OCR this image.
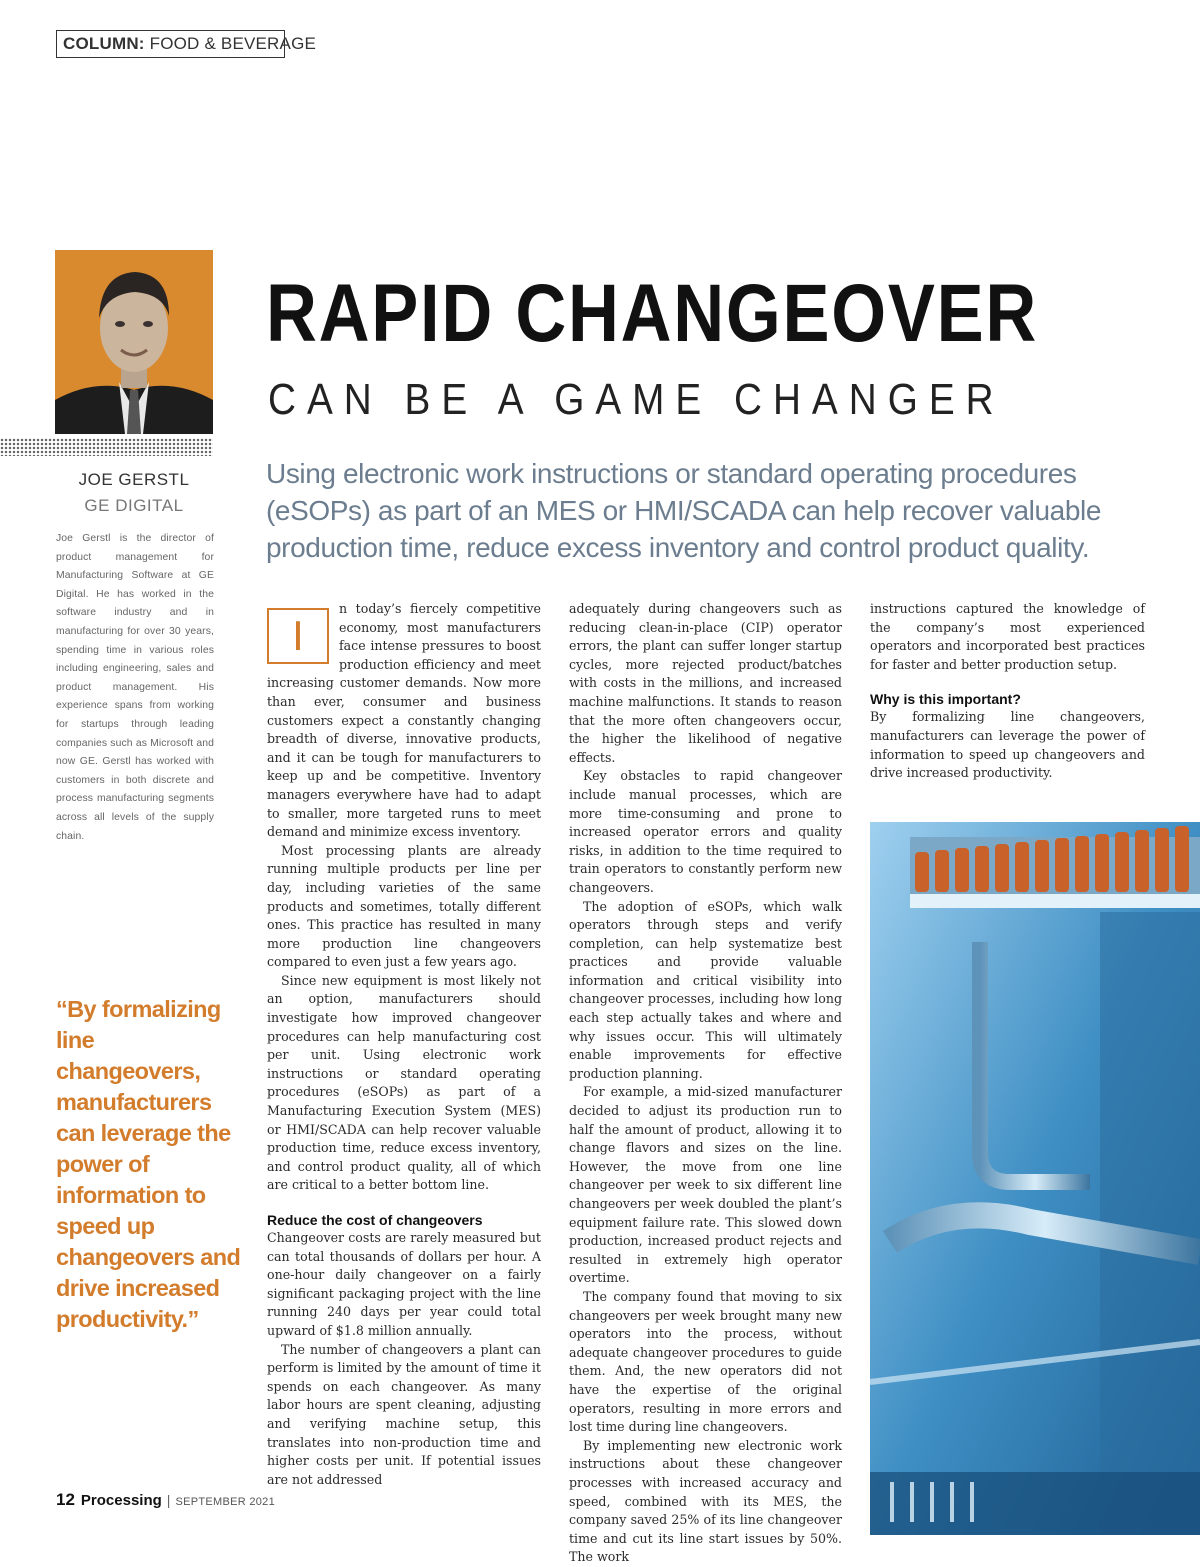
COLUMN: FOOD & BEVERAGE
JOE GERSTL
GE DIGITAL
Joe Gerstl is the director of product management for Manufacturing Software at GE Digital. He has worked in the software industry and in manufacturing for over 30 years, spending time in various roles including engineering, sales and product management. His experience spans from working for startups through leading companies such as Microsoft and now GE. Gerstl has worked with customers in both discrete and process manufacturing segments across all levels of the supply chain.
“By formalizing line changeovers, manufacturers can leverage the power of information to speed up changeovers and drive increased productivity.”
RAPID CHANGEOVER
CAN BE A GAME CHANGER
Using electronic work instructions or standard operating procedures (eSOPs) as part of an MES or HMI/SCADA can help recover valuable production time, reduce excess inventory and control product quality.
I

n today’s fiercely competitive economy, most manufacturers face intense pressures to boost production efficiency and meet increasing customer demands. Now more than ever, consumer and business customers expect a constantly changing breadth of diverse, innovative products, and it can be tough for manufacturers to keep up and be competitive. Inventory managers everywhere have had to adapt to smaller, more targeted runs to meet demand and minimize excess inventory.

Most processing plants are already running multiple products per line per day, including varieties of the same products and sometimes, totally different ones. This practice has resulted in many more production line changeovers compared to even just a few years ago.

Since new equipment is most likely not an option, manufacturers should investigate how improved changeover procedures can help manufacturing cost per unit. Using electronic work instructions or standard operating procedures (eSOPs) as part of a Manufacturing Execution System (MES) or HMI/SCADA can help recover valuable production time, reduce excess inventory, and control product quality, all of which are critical to a better bottom line.

Reduce the cost of changeovers

Changeover costs are rarely measured but can total thousands of dollars per hour. A one-hour daily changeover on a fairly significant packaging project with the line running 240 days per year could total upward of $1.8 million annually.

The number of changeovers a plant can perform is limited by the amount of time it spends on each changeover. As many labor hours are spent cleaning, adjusting and verifying machine setup, this translates into non-production time and higher costs per unit. If potential issues are not addressed

adequately during changeovers such as reducing clean-in-place (CIP) operator errors, the plant can suffer longer startup cycles, more rejected product/batches with costs in the millions, and increased machine malfunctions. It stands to reason that the more often changeovers occur, the higher the likelihood of negative effects.

Key obstacles to rapid changeover include manual processes, which are more time-consuming and prone to increased operator errors and quality risks, in addition to the time required to train operators to constantly perform new changeovers.

The adoption of eSOPs, which walk operators through steps and verify completion, can help systematize best practices and provide valuable information and critical visibility into changeover processes, including how long each step actually takes and where and why issues occur. This will ultimately enable improvements for effective production planning.

For example, a mid-sized manufacturer decided to adjust its production run to half the amount of product, allowing it to change flavors and sizes on the line. However, the move from one line changeover per week to six different line changeovers per week doubled the plant’s equipment failure rate. This slowed down production, increased product rejects and resulted in extremely high operator overtime.

The company found that moving to six changeovers per week brought many new operators into the process, without adequate changeover procedures to guide them. And, the new operators did not have the expertise of the original operators, resulting in more errors and lost time during line changeovers.

By implementing new electronic work instructions about these changeover processes with increased accuracy and speed, combined with its MES, the company saved 25% of its line changeover time and cut its line start issues by 50%. The work

instructions captured the knowledge of the company’s most experienced operators and incorporated best practices for faster and better production setup.

Why is this important?

By formalizing line changeovers, manufacturers can leverage the power of information to speed up changeovers and drive increased productivity.

12 Processing | SEPTEMBER 2021
